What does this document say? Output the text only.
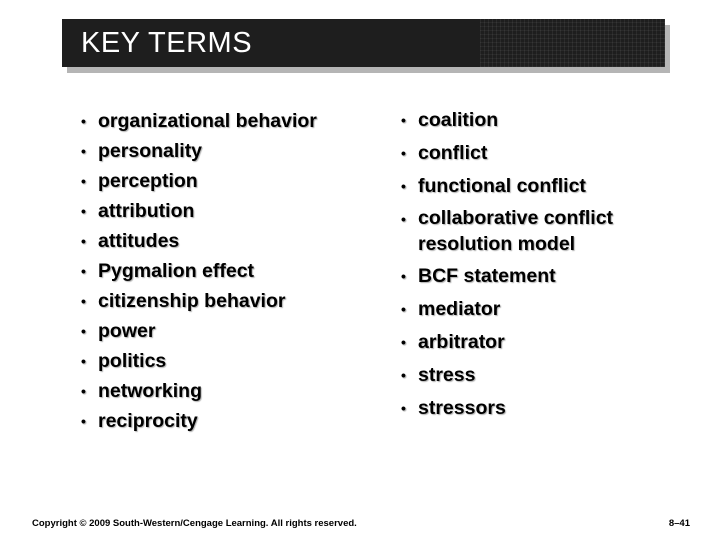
KEY TERMS
• organizational behavior
• personality
• perception
• attribution
• attitudes
• Pygmalion effect
• citizenship behavior
• power
• politics
• networking
• reciprocity
• coalition
• conflict
• functional conflict
• collaborative conflict
resolution model
• BCF statement
• mediator
• arbitrator
• stress
• stressors
Copyright © 2009 South-Western/Cengage Learning. All rights reserved.	8–41
